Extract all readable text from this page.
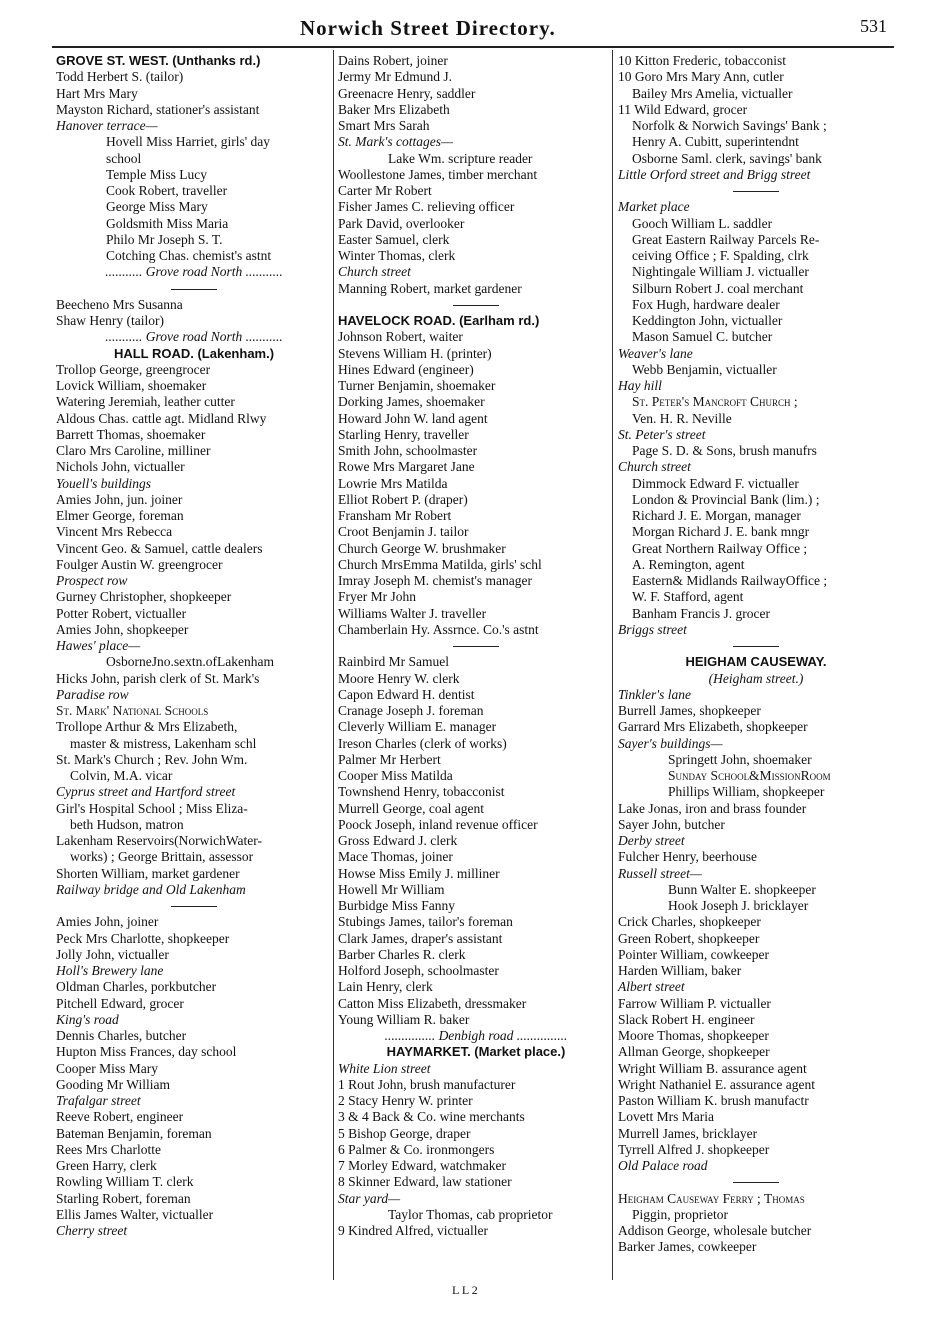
Norwich Street Directory.	531
GROVE ST. WEST. (Unthanks rd.)
Todd Herbert S. (tailor)
Hart Mrs Mary
Mayston Richard, stationer's assistant
Hanover terrace—
Hovell Miss Harriet, girls' day
school
Temple Miss Lucy
Cook Robert, traveller
George Miss Mary
Goldsmith Miss Maria
Philo Mr Joseph S. T.
Cotching Chas. chemist's astnt
........... Grove road North ...........
Beecheno Mrs Susanna
Shaw Henry (tailor)
........... Grove road North ...........
HALL ROAD. (Lakenham.)
Trollop George, greengrocer
Lovick William, shoemaker
Watering Jeremiah, leather cutter
Aldous Chas. cattle agt. Midland Rlwy
Barrett Thomas, shoemaker
Claro Mrs Caroline, milliner
Nichols John, victualler
Youell's buildings
Amies John, jun. joiner
Elmer George, foreman
Vincent Mrs Rebecca
Vincent Geo. & Samuel, cattle dealers
Foulger Austin W. greengrocer
Prospect row
Gurney Christopher, shopkeeper
Potter Robert, victualler
Amies John, shopkeeper
Hawes' place—
OsborneJno.sextn.ofLakenham
Hicks John, parish clerk of St. Mark's
Paradise row
St. Mark' National Schools
Trollope Arthur & Mrs Elizabeth,
master & mistress, Lakenham schl
St. Mark's Church ; Rev. John Wm.
Colvin, M.A. vicar
Cyprus street and Hartford street
Girl's Hospital School ; Miss Eliza-
beth Hudson, matron
Lakenham Reservoirs(NorwichWater-
works) ; George Brittain, assessor
Shorten William, market gardener
Railway bridge and Old Lakenham
Amies John, joiner
Peck Mrs Charlotte, shopkeeper
Jolly John, victualler
Holl's Brewery lane
Oldman Charles, porkbutcher
Pitchell Edward, grocer
King's road
Dennis Charles, butcher
Hupton Miss Frances, day school
Cooper Miss Mary
Gooding Mr William
Trafalgar street
Reeve Robert, engineer
Bateman Benjamin, foreman
Rees Mrs Charlotte
Green Harry, clerk
Rowling William T. clerk
Starling Robert, foreman
Ellis James Walter, victualler
Cherry street
Dains Robert, joiner
Jermy Mr Edmund J.
Greenacre Henry, saddler
Baker Mrs Elizabeth
Smart Mrs Sarah
St. Mark's cottages—
Lake Wm. scripture reader
Woollestone James, timber merchant
Carter Mr Robert
Fisher James C. relieving officer
Park David, overlooker
Easter Samuel, clerk
Winter Thomas, clerk
Church street
Manning Robert, market gardener
HAVELOCK ROAD. (Earlham rd.)
Johnson Robert, waiter
Stevens William H. (printer)
Hines Edward (engineer)
Turner Benjamin, shoemaker
Dorking James, shoemaker
Howard John W. land agent
Starling Henry, traveller
Smith John, schoolmaster
Rowe Mrs Margaret Jane
Lowrie Mrs Matilda
Elliot Robert P. (draper)
Fransham Mr Robert
Croot Benjamin J. tailor
Church George W. brushmaker
Church MrsEmma Matilda, girls' schl
Imray Joseph M. chemist's manager
Fryer Mr John
Williams Walter J. traveller
Chamberlain Hy. Assrnce. Co.'s astnt
Rainbird Mr Samuel
Moore Henry W. clerk
Capon Edward H. dentist
Cranage Joseph J. foreman
Cleverly William E. manager
Ireson Charles (clerk of works)
Palmer Mr Herbert
Cooper Miss Matilda
Townshend Henry, tobacconist
Murrell George, coal agent
Poock Joseph, inland revenue officer
Gross Edward J. clerk
Mace Thomas, joiner
Howse Miss Emily J. milliner
Howell Mr William
Burbidge Miss Fanny
Stubings James, tailor's foreman
Clark James, draper's assistant
Barber Charles R. clerk
Holford Joseph, schoolmaster
Lain Henry, clerk
Catton Miss Elizabeth, dressmaker
Young William R. baker
............... Denbigh road ...............
HAYMARKET. (Market place.)
White Lion street
1 Rout John, brush manufacturer
2 Stacy Henry W. printer
3 & 4 Back & Co. wine merchants
5 Bishop George, draper
6 Palmer & Co. ironmongers
7 Morley Edward, watchmaker
8 Skinner Edward, law stationer
Star yard—
Taylor Thomas, cab proprietor
9 Kindred Alfred, victualler
10 Kitton Frederic, tobacconist
10 Goro Mrs Mary Ann, cutler
Bailey Mrs Amelia, victualler
11 Wild Edward, grocer
Norfolk & Norwich Savings' Bank ;
Henry A. Cubitt, superintendnt
Osborne Saml. clerk, savings' bank
Little Orford street and Brigg street
Market place
Gooch William L. saddler
Great Eastern Railway Parcels Re-
ceiving Office ; F. Spalding, clrk
Nightingale William J. victualler
Silburn Robert J. coal merchant
Fox Hugh, hardware dealer
Keddington John, victualler
Mason Samuel C. butcher
Weaver's lane
Webb Benjamin, victualler
Hay hill
St. Peter's Mancroft Church ;
Ven. H. R. Neville
St. Peter's street
Page S. D. & Sons, brush manufrs
Church street
Dimmock Edward F. victualler
London & Provincial Bank (lim.) ;
Richard J. E. Morgan, manager
Morgan Richard J. E. bank mngr
Great Northern Railway Office ;
A. Remington, agent
Eastern& Midlands RailwayOffice ;
W. F. Stafford, agent
Banham Francis J. grocer
Briggs street
HEIGHAM CAUSEWAY.
(Heigham street.)
Tinkler's lane
Burrell James, shopkeeper
Garrard Mrs Elizabeth, shopkeeper
Sayer's buildings—
Springett John, shoemaker
Sunday School&MissionRoom
Phillips William, shopkeeper
Lake Jonas, iron and brass founder
Sayer John, butcher
Derby street
Fulcher Henry, beerhouse
Russell street—
Bunn Walter E. shopkeeper
Hook Joseph J. bricklayer
Crick Charles, shopkeeper
Green Robert, shopkeeper
Pointer William, cowkeeper
Harden William, baker
Albert street
Farrow William P. victualler
Slack Robert H. engineer
Moore Thomas, shopkeeper
Allman George, shopkeeper
Wright William B. assurance agent
Wright Nathaniel E. assurance agent
Paston William K. brush manufactr
Lovett Mrs Maria
Murrell James, bricklayer
Tyrrell Alfred J. shopkeeper
Old Palace road
Heigham Causeway Ferry ; Thomas
Piggin, proprietor
Addison George, wholesale butcher
Barker James, cowkeeper
L L 2
